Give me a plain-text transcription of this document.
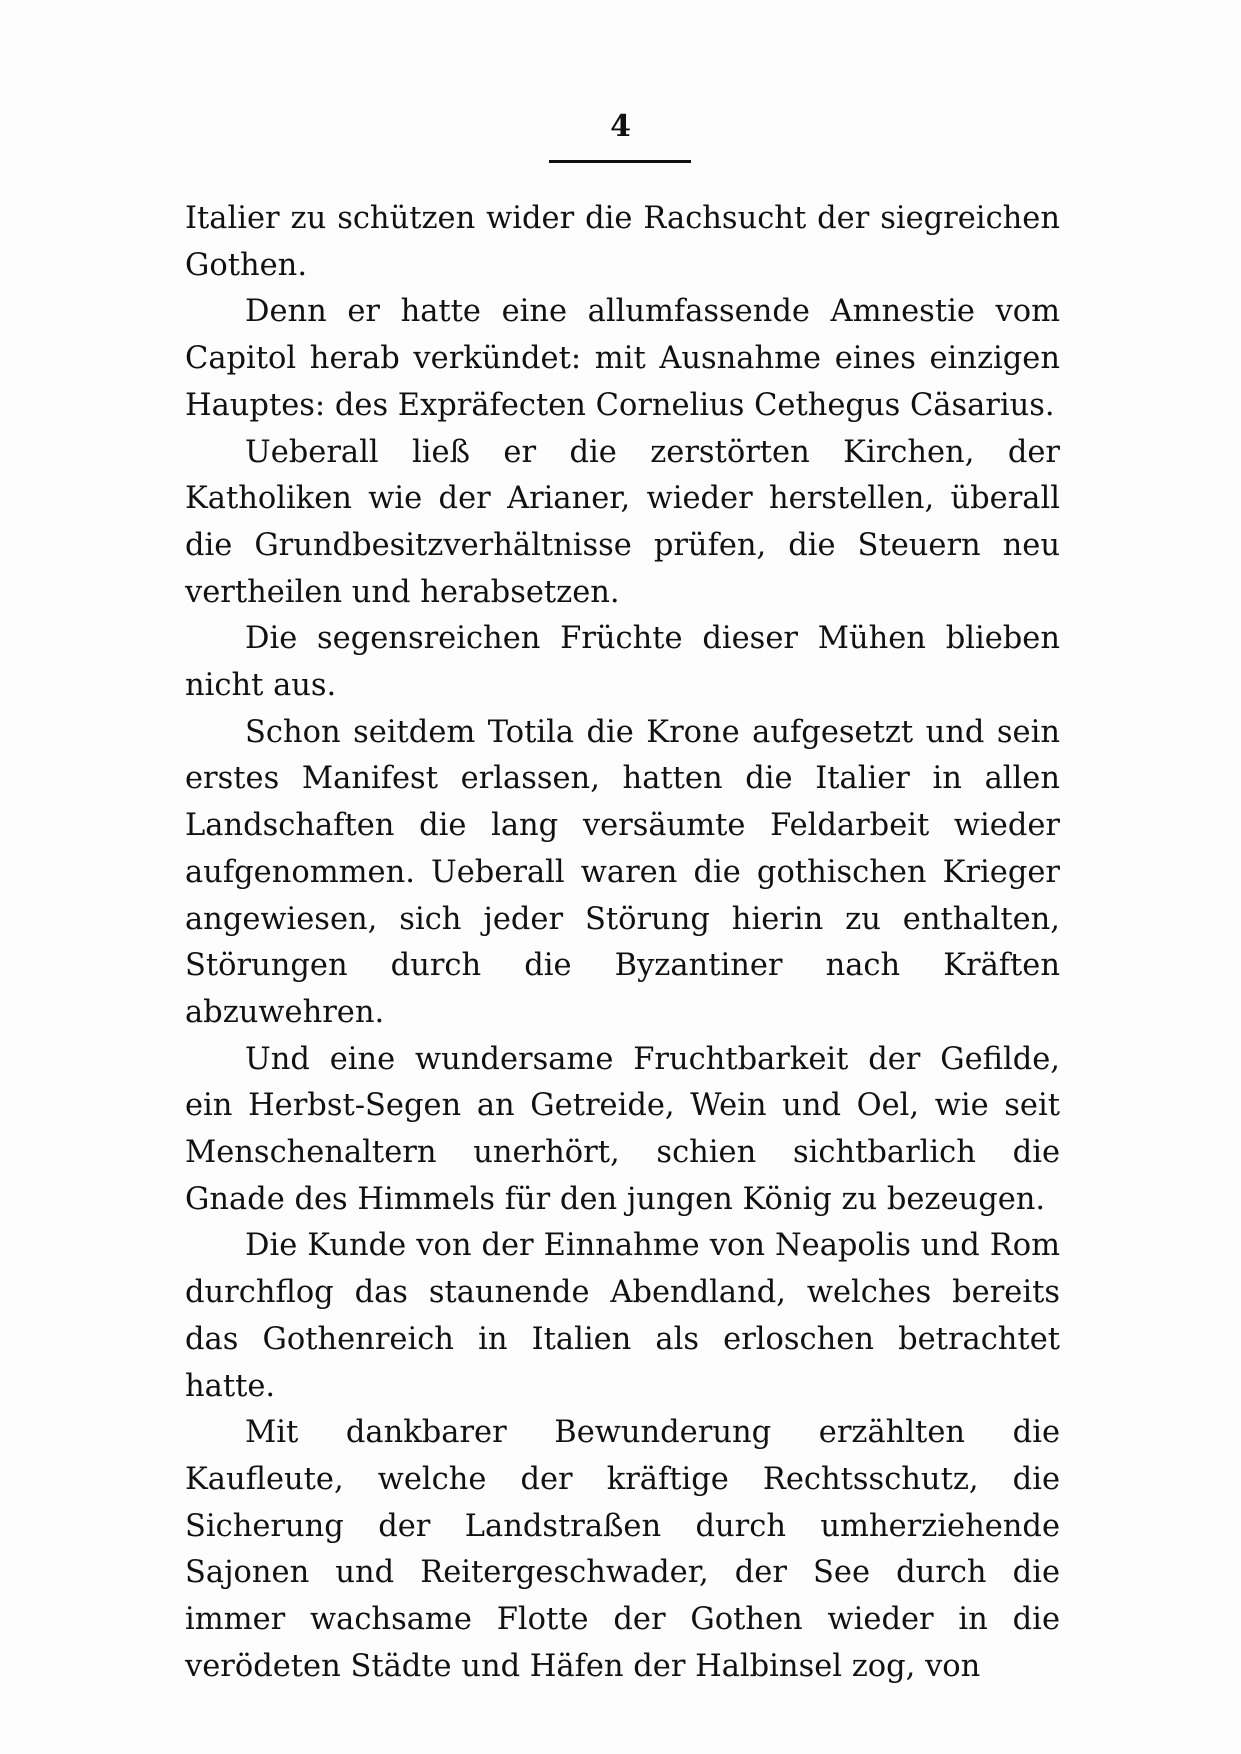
4

Italier zu schützen wider die Rachsucht der siegreichen Gothen.

Denn er hatte eine allumfassende Amnestie vom Capitol herab verkündet: mit Ausnahme eines einzigen Hauptes: des Expräfecten Cornelius Cethegus Cäsarius.

Ueberall ließ er die zerstörten Kirchen, der Katholiken wie der Arianer, wieder herstellen, überall die Grundbesitzverhältnisse prüfen, die Steuern neu vertheilen und herabsetzen.

Die segensreichen Früchte dieser Mühen blieben nicht aus.

Schon seitdem Totila die Krone aufgesetzt und sein erstes Manifest erlassen, hatten die Italier in allen Landschaften die lang versäumte Feldarbeit wieder aufgenommen. Ueberall waren die gothischen Krieger angewiesen, sich jeder Störung hierin zu enthalten, Störungen durch die Byzantiner nach Kräften abzuwehren.

Und eine wundersame Fruchtbarkeit der Gefilde, ein Herbst-Segen an Getreide, Wein und Oel, wie seit Menschenaltern unerhört, schien sichtbarlich die Gnade des Himmels für den jungen König zu bezeugen.

Die Kunde von der Einnahme von Neapolis und Rom durchflog das staunende Abendland, welches bereits das Gothenreich in Italien als erloschen betrachtet hatte.

Mit dankbarer Bewunderung erzählten die Kaufleute, welche der kräftige Rechtsschutz, die Sicherung der Landstraßen durch umherziehende Sajonen und Reitergeschwader, der See durch die immer wachsame Flotte der Gothen wieder in die verödeten Städte und Häfen der Halbinsel zog, von
